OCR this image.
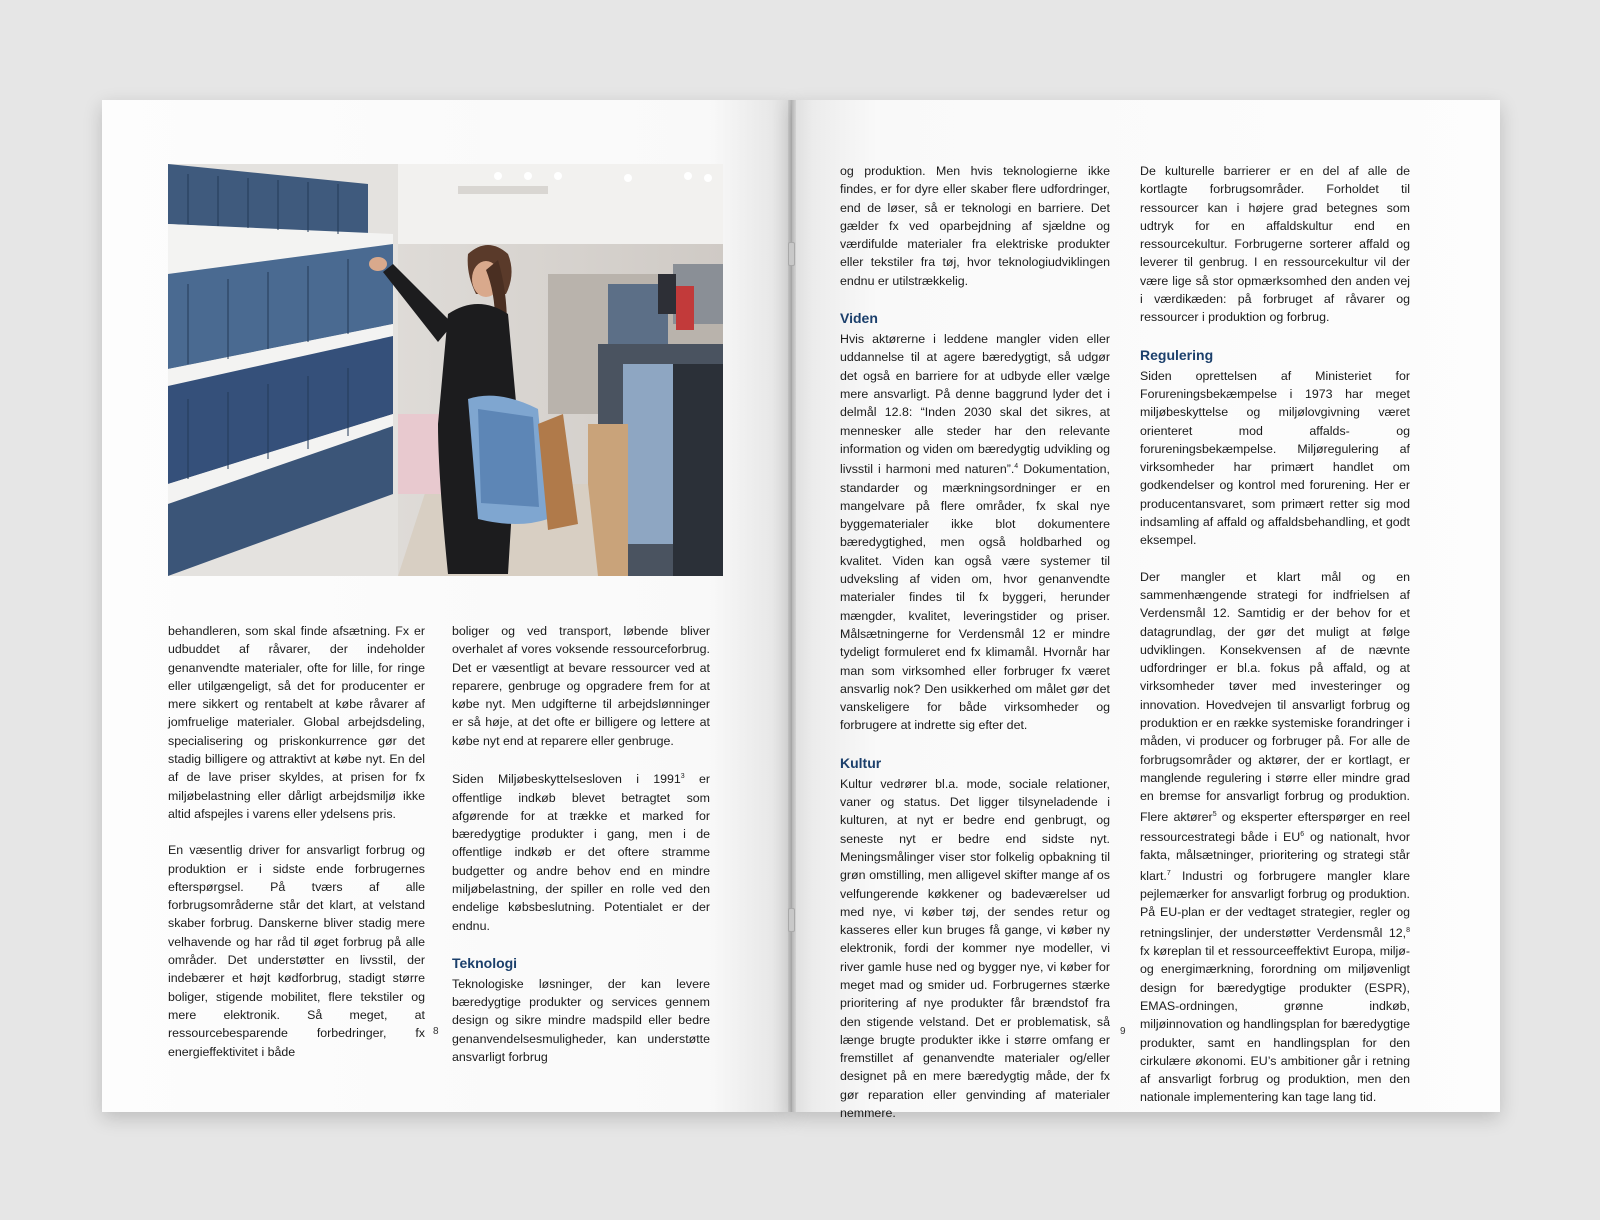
behandleren, som skal finde afsætning. Fx er udbuddet af råvarer, der indeholder genanvendte materialer, ofte for lille, for ringe eller utilgængeligt, så det for producenter er mere sikkert og rentabelt at købe råvarer af jomfruelige materialer. Global arbejdsdeling, specialisering og priskonkurrence gør det stadig billigere og attraktivt at købe nyt. En del af de lave priser skyldes, at prisen for fx miljøbelastning eller dårligt arbejdsmiljø ikke altid afspejles i varens eller ydelsens pris.

En væsentlig driver for ansvarligt forbrug og produktion er i sidste ende forbrugernes efterspørgsel. På tværs af alle forbrugsområderne står det klart, at velstand skaber forbrug. Danskerne bliver stadig mere velhavende og har råd til øget forbrug på alle områder. Det understøtter en livsstil, der indebærer et højt kødforbrug, stadigt større boliger, stigende mobilitet, flere tekstiler og mere elektronik. Så meget, at ressourcebesparende forbedringer, fx energieffektivitet i både

boliger og ved transport, løbende bliver overhalet af vores voksende ressourceforbrug. Det er væsentligt at bevare ressourcer ved at reparere, genbruge og opgradere frem for at købe nyt. Men udgifterne til arbejdslønninger er så høje, at det ofte er billigere og lettere at købe nyt end at reparere eller genbruge.

Siden Miljøbeskyttelsesloven i 1991$^3$ er offentlige indkøb blevet betragtet som afgørende for at trække et marked for bæredygtige produkter i gang, men i de offentlige indkøb er det oftere stramme budgetter og andre behov end en mindre miljøbelastning, der spiller en rolle ved den endelige købsbeslutning. Potentialet er der endnu.

Teknologi

Teknologiske løsninger, der kan levere bæredygtige produkter og services gennem design og sikre mindre madspild eller bedre genanvendelsesmuligheder, kan understøtte ansvarligt forbrug

8

og produktion. Men hvis teknologierne ikke findes, er for dyre eller skaber flere udfordringer, end de løser, så er teknologi en barriere. Det gælder fx ved oparbejdning af sjældne og værdifulde materialer fra elektriske produkter eller tekstiler fra tøj, hvor teknologiudviklingen endnu er utilstrækkelig.

Viden

Hvis aktørerne i leddene mangler viden eller uddannelse til at agere bæredygtigt, så udgør det også en barriere for at udbyde eller vælge mere ansvarligt. På denne baggrund lyder det i delmål 12.8: “Inden 2030 skal det sikres, at mennesker alle steder har den relevante information og viden om bæredygtig udvikling og livsstil i harmoni med naturen”.$^4$ Dokumentation, standarder og mærkningsordninger er en mangelvare på flere områder, fx skal nye byggematerialer ikke blot dokumentere bæredygtighed, men også holdbarhed og kvalitet. Viden kan også være systemer til udveksling af viden om, hvor genanvendte materialer findes til fx byggeri, herunder mængder, kvalitet, leveringstider og priser. Målsætningerne for Verdensmål 12 er mindre tydeligt formuleret end fx klimamål. Hvornår har man som virksomhed eller forbruger fx været ansvarlig nok? Den usikkerhed om målet gør det vanskeligere for både virksomheder og forbrugere at indrette sig efter det.

Kultur

Kultur vedrører bl.a. mode, sociale relationer, vaner og status. Det ligger tilsyneladende i kulturen, at nyt er bedre end genbrugt, og seneste nyt er bedre end sidste nyt. Meningsmålinger viser stor folkelig opbakning til grøn omstilling, men alligevel skifter mange af os velfungerende køkkener og badeværelser ud med nye, vi køber tøj, der sendes retur og kasseres eller kun bruges få gange, vi køber ny elektronik, fordi der kommer nye modeller, vi river gamle huse ned og bygger nye, vi køber for meget mad og smider ud. Forbrugernes stærke prioritering af nye produkter får brændstof fra den stigende velstand. Det er problematisk, så længe brugte produkter ikke i større omfang er fremstillet af genanvendte materialer og/eller designet på en mere bæredygtig måde, der fx gør reparation eller genvinding af materialer nemmere.

De kulturelle barrierer er en del af alle de kortlagte forbrugsområder. Forholdet til ressourcer kan i højere grad betegnes som udtryk for en affaldskultur end en ressourcekultur. Forbrugerne sorterer affald og leverer til genbrug. I en ressourcekultur vil der være lige så stor opmærksomhed den anden vej i værdikæden: på forbruget af råvarer og ressourcer i produktion og forbrug.

Regulering

Siden oprettelsen af Ministeriet for Forureningsbekæmpelse i 1973 har meget miljøbeskyttelse og miljølovgivning været orienteret mod affalds- og forureningsbekæmpelse. Miljøregulering af virksomheder har primært handlet om godkendelser og kontrol med forurening. Her er producentansvaret, som primært retter sig mod indsamling af affald og affaldsbehandling, et godt eksempel.

Der mangler et klart mål og en sammenhængende strategi for indfrielsen af Verdensmål 12. Samtidig er der behov for et datagrundlag, der gør det muligt at følge udviklingen. Konsekvensen af de nævnte udfordringer er bl.a. fokus på affald, og at virksomheder tøver med investeringer og innovation. Hovedvejen til ansvarligt forbrug og produktion er en række systemiske forandringer i måden, vi producer og forbruger på. For alle de forbrugsområder og aktører, der er kortlagt, er manglende regulering i større eller mindre grad en bremse for ansvarligt forbrug og produktion. Flere aktører$^5$ og eksperter efterspørger en reel ressourcestrategi både i $EU^6$ og nationalt, hvor fakta, målsætninger, prioritering og strategi står klart.$^7$ Industri og forbrugere mangler klare pejlemærker for ansvarligt forbrug og produktion. På EU-plan er der vedtaget strategier, regler og retningslinjer, der understøtter Verdensmål 12,$^8$ fx køreplan til et ressourceeffektivt Europa, miljø- og energimærkning, forordning om miljøvenligt design for bæredygtige produkter (ESPR), EMAS-ordningen, grønne indkøb, miljøinnovation og handlingsplan for bæredygtige produkter, samt en handlingsplan for den cirkulære økonomi. EU’s ambitioner går i retning af ansvarligt forbrug og produktion, men den nationale implementering kan tage lang tid.

9
